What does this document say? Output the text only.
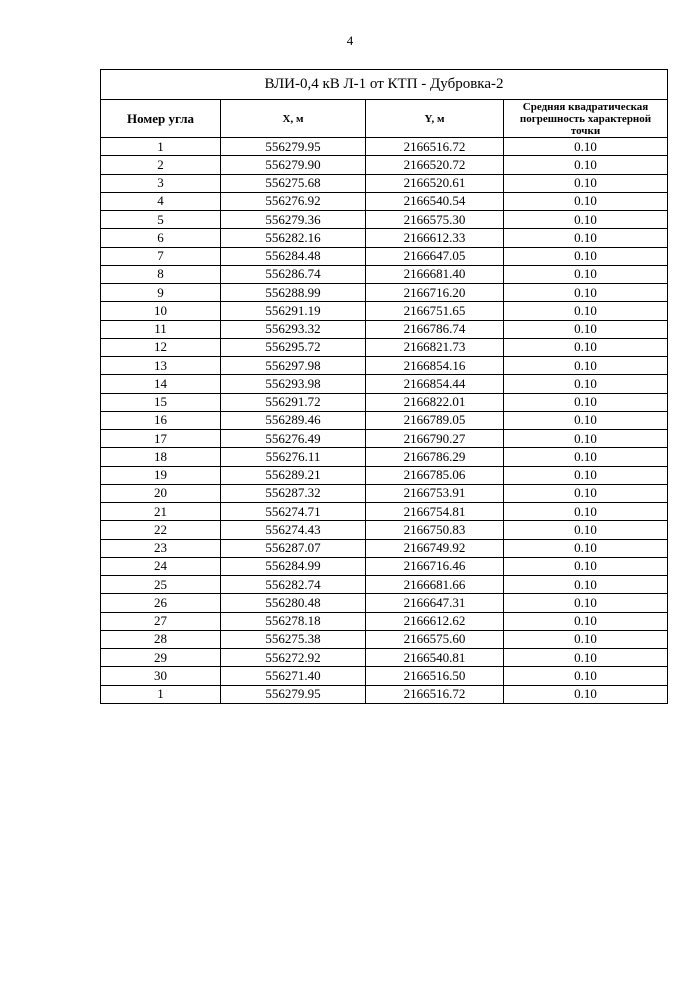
4
ВЛИ-0,4 кВ Л-1 от КТП - Дубровка-2			
Номер угла	X, м	Y, м	Средняя квадратическая погрешность характерной точки
1	556279.95	2166516.72	0.10
2	556279.90	2166520.72	0.10
3	556275.68	2166520.61	0.10
4	556276.92	2166540.54	0.10
5	556279.36	2166575.30	0.10
6	556282.16	2166612.33	0.10
7	556284.48	2166647.05	0.10
8	556286.74	2166681.40	0.10
9	556288.99	2166716.20	0.10
10	556291.19	2166751.65	0.10
11	556293.32	2166786.74	0.10
12	556295.72	2166821.73	0.10
13	556297.98	2166854.16	0.10
14	556293.98	2166854.44	0.10
15	556291.72	2166822.01	0.10
16	556289.46	2166789.05	0.10
17	556276.49	2166790.27	0.10
18	556276.11	2166786.29	0.10
19	556289.21	2166785.06	0.10
20	556287.32	2166753.91	0.10
21	556274.71	2166754.81	0.10
22	556274.43	2166750.83	0.10
23	556287.07	2166749.92	0.10
24	556284.99	2166716.46	0.10
25	556282.74	2166681.66	0.10
26	556280.48	2166647.31	0.10
27	556278.18	2166612.62	0.10
28	556275.38	2166575.60	0.10
29	556272.92	2166540.81	0.10
30	556271.40	2166516.50	0.10
1	556279.95	2166516.72	0.10
